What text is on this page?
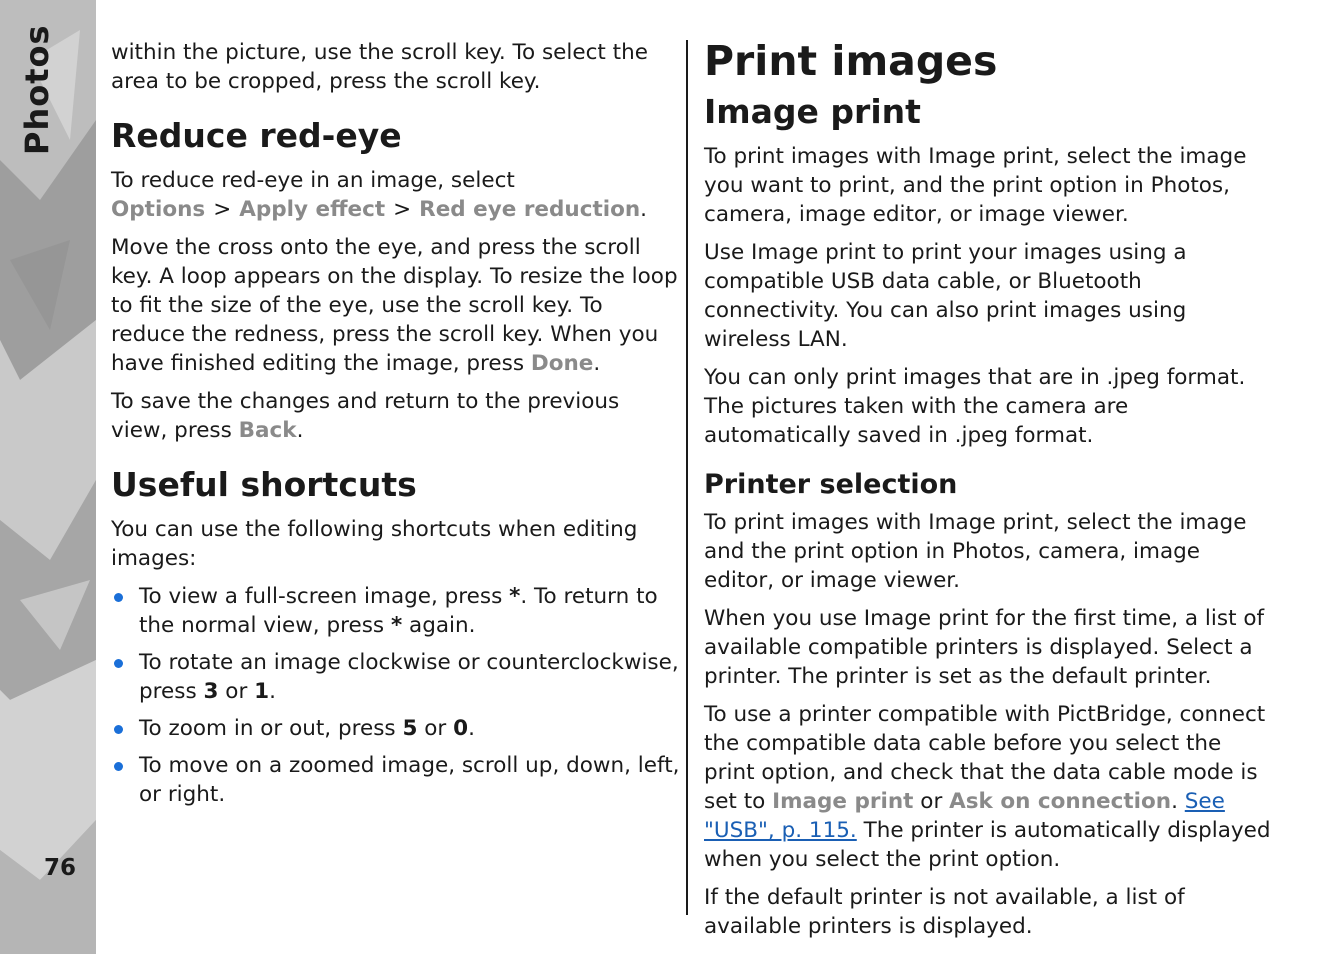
Photos
76

within the picture, use the scroll key. To select the area to be cropped, press the scroll key.

Reduce red-eye

To reduce red-eye in an image, select Options > Apply effect > Red eye reduction.

Move the cross onto the eye, and press the scroll key. A loop appears on the display. To resize the loop to fit the size of the eye, use the scroll key. To reduce the redness, press the scroll key. When you have finished editing the image, press Done.

To save the changes and return to the previous view, press Back.

Useful shortcuts

You can use the following shortcuts when editing images:

To view a full-screen image, press *. To return to the normal view, press * again.
To rotate an image clockwise or counterclockwise, press 3 or 1.
To zoom in or out, press 5 or 0.
To move on a zoomed image, scroll up, down, left, or right.
Print images
Image print

To print images with Image print, select the image you want to print, and the print option in Photos, camera, image editor, or image viewer.

Use Image print to print your images using a compatible USB data cable, or Bluetooth connectivity. You can also print images using wireless LAN.

You can only print images that are in .jpeg format. The pictures taken with the camera are automatically saved in .jpeg format.

Printer selection

To print images with Image print, select the image and the print option in Photos, camera, image editor, or image viewer.

When you use Image print for the first time, a list of available compatible printers is displayed. Select a printer. The printer is set as the default printer.

To use a printer compatible with PictBridge, connect the compatible data cable before you select the print option, and check that the data cable mode is set to Image print or Ask on connection. See "USB", p. 115. The printer is automatically displayed when you select the print option.

If the default printer is not available, a list of available printers is displayed.
